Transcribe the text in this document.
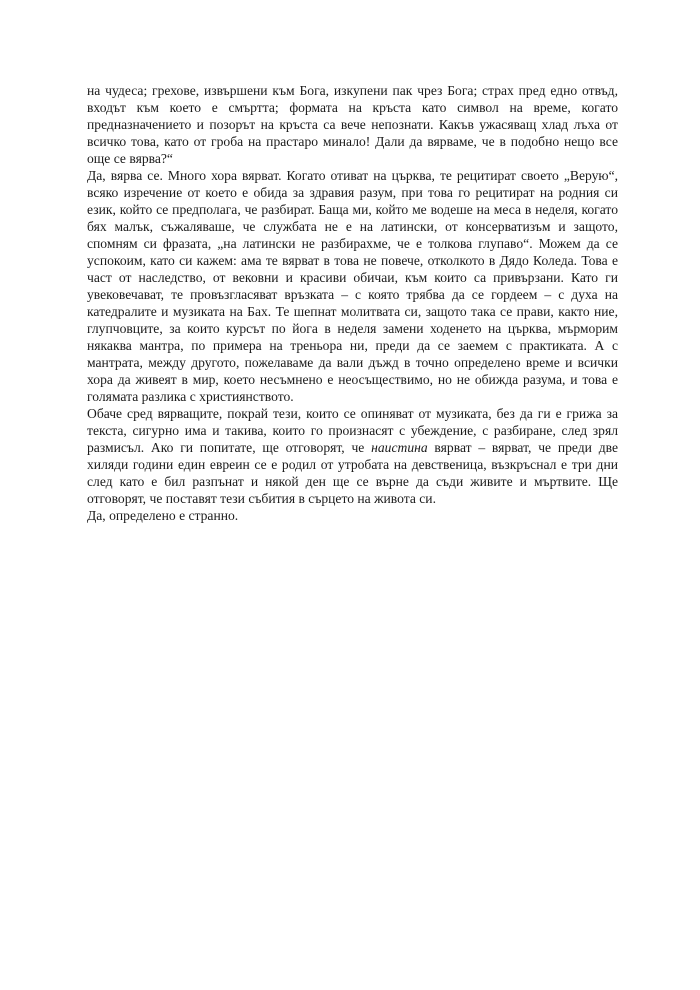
на чудеса; грехове, извършени към Бога, изкупени пак чрез Бога; страх пред едно отвъд, входът към което е смъртта; формата на кръста като символ на време, когато предназначението и позорът на кръста са вече непознати. Какъв ужасяващ хлад лъха от всичко това, като от гроба на прастаро минало! Дали да вярваме, че в подобно нещо все още се вярва?“

Да, вярва се. Много хора вярват. Когато отиват на църква, те рецитират своето „Верую“, всяко изречение от което е обида за здравия разум, при това го рецитират на родния си език, който се предполага, че разбират. Баща ми, който ме водеше на меса в неделя, когато бях малък, съжаляваше, че службата не е на латински, от консерватизъм и защото, спомням си фразата, „на латински не разбирахме, че е толкова глупаво“. Можем да се успокоим, като си кажем: ама те вярват в това не повече, отколкото в Дядо Коледа. Това е част от наследство, от вековни и красиви обичаи, към които са привързани. Като ги увековечават, те провъзгласяват връзката – с която трябва да се гордеем – с духа на катедралите и музиката на Бах. Те шепнат молитвата си, защото така се прави, както ние, глупчовците, за които курсът по йога в неделя замени ходенето на църква, мърморим някаква мантра, по примера на треньора ни, преди да се заемем с практиката. А с мантрата, между другото, пожелаваме да вали дъжд в точно определено време и всички хора да живеят в мир, което несъмнено е неосъществимо, но не обижда разума, и това е голямата разлика с християнството.

Обаче сред вярващите, покрай тези, които се опиняват от музиката, без да ги е грижа за текста, сигурно има и такива, които го произнасят с убеждение, с разбиране, след зрял размисъл. Ако ги попитате, ще отговорят, че наистина вярват – вярват, че преди две хиляди години един евреин се е родил от утробата на девственица, възкръснал е три дни след като е бил разпънат и някой ден ще се върне да съди живите и мъртвите. Ще отговорят, че поставят тези събития в сърцето на живота си.

Да, определено е странно.
